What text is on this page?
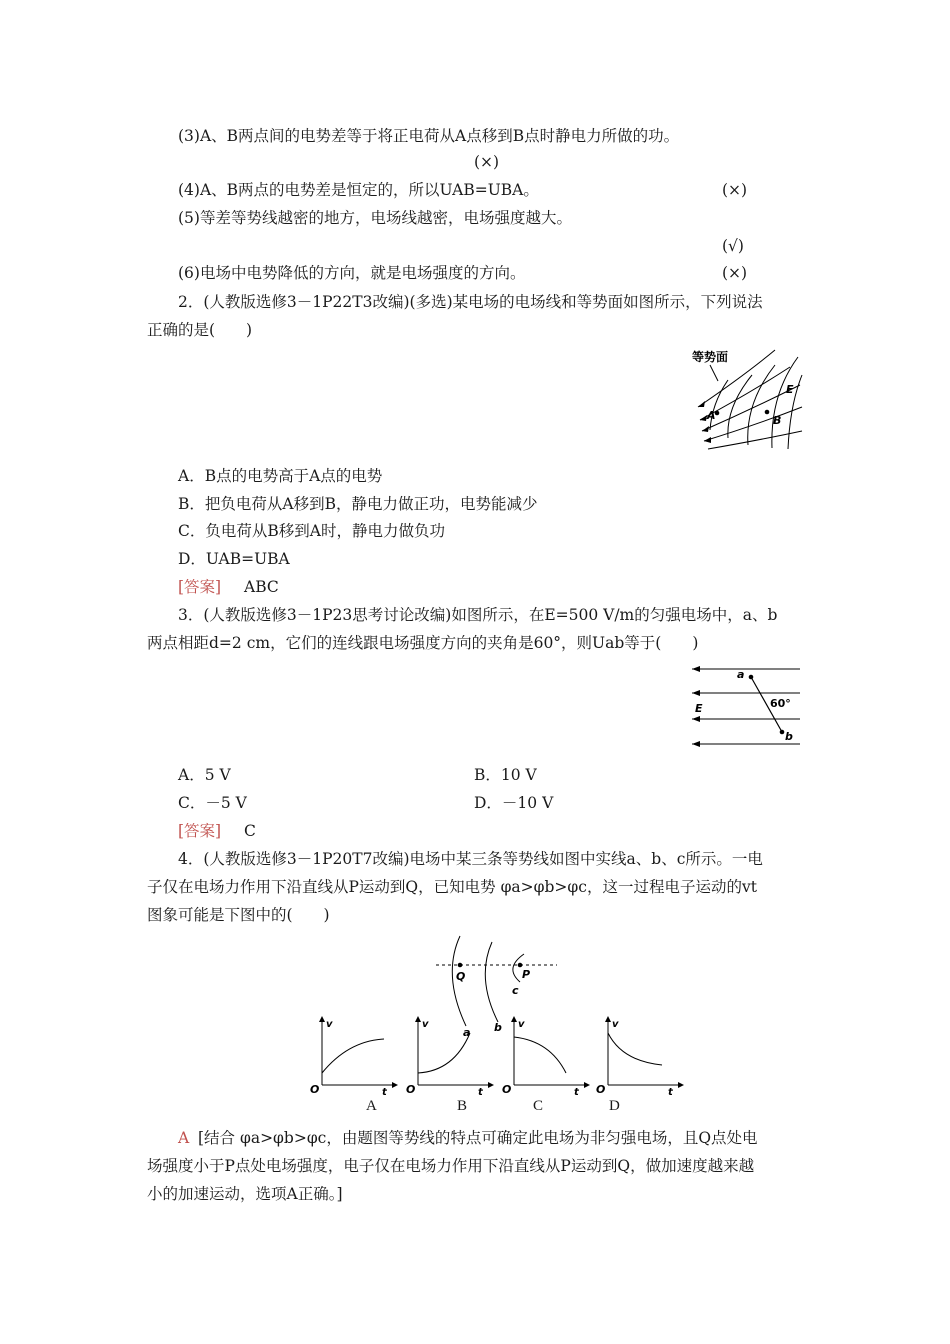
(3)A、B两点间的电势差等于将正电荷从A点移到B点时静电力所做的功。
(×)
(4)A、B两点的电势差是恒定的，所以UAB=UBA。	(×)
(5)等差等势线越密的地方，电场线越密，电场强度越大。
(√)
(6)电场中电势降低的方向，就是电场强度的方向。	(×)
2．(人教版选修3－1P22T3改编)(多选)某电场的电场线和等势面如图所示，下列说法
正确的是(　　)
等势面
A	B
E
A．B点的电势高于A点的电势
B．把负电荷从A移到B，静电力做正功，电势能减少
C．负电荷从B移到A时，静电力做负功
D．UAB=UBA
[答案] ABC
3．(人教版选修3－1P23思考讨论改编)如图所示，在E=500 V/m的匀强电场中，a、b
两点相距d=2 cm，它们的连线跟电场强度方向的夹角是60°，则Uab等于(　　)
a
b
E	60°
A．5 V	B．10 V
C．－5 V	D．－10 V
[答案] C
4．(人教版选修3－1P20T7改编)电场中某三条等势线如图中实线a、b、c所示。一电
子仅在电场力作用下沿直线从P运动到Q，已知电势 φa>φb>φc，这一过程电子运动的vt
图象可能是下图中的(　　)
Q	P
a b
c
O
v
t O
v
t O
v
t O
v
t
A	B	C	D
A [结合 φa>φb>φc，由题图等势线的特点可确定此电场为非匀强电场，且Q点处电
场强度小于P点处电场强度，电子仅在电场力作用下沿直线从P运动到Q，做加速度越来越
小的加速运动，选项A正确。]
